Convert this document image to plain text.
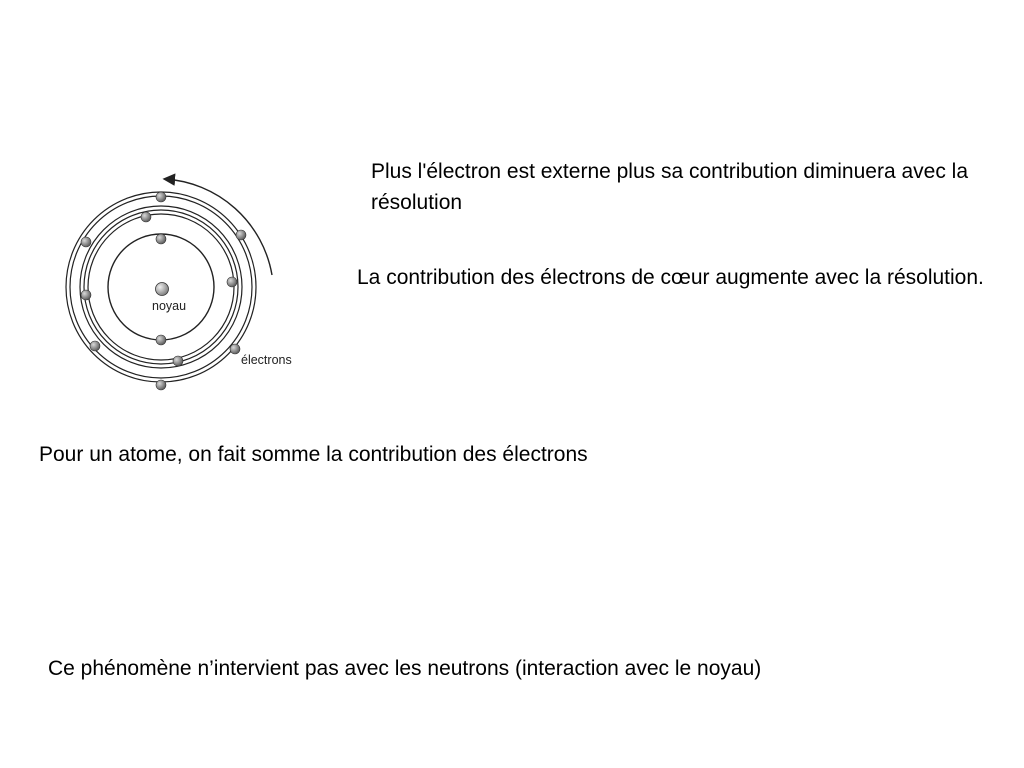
Plus l'électron est externe plus sa contribution diminuera avec la résolution

La contribution des électrons de cœur augmente avec la résolution.

Pour un atome, on fait somme la contribution des électrons

Ce phénomène n’intervient pas avec les neutrons (interaction avec le noyau)

noyau
électrons
